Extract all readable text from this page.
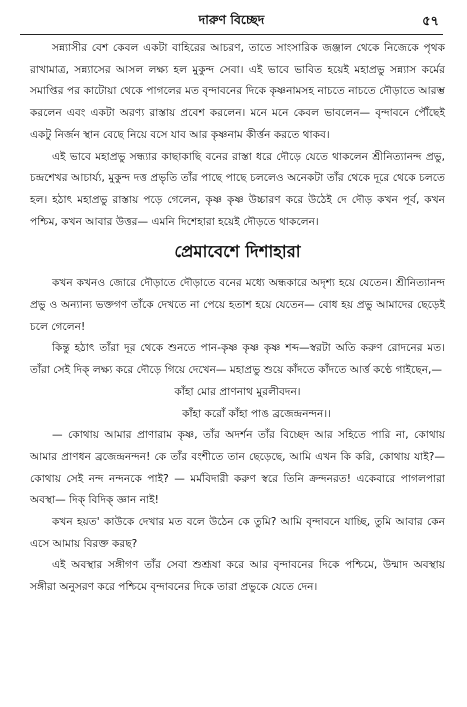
দারুণ বিচ্ছেদ	৫৭

সন্ন্যাসীর বেশ কেবল একটা বাহিরের আচরণ, তাতে সাংসারিক জঞ্জাল থেকে নিজেকে পৃথক রাখামাত্র, সন্ন্যাসের আসল লক্ষ্য হল মুকুন্দ সেবা। এই ভাবে ভাবিত হয়েই মহাপ্রভু সন্ন্যাস কর্মের সমাপ্তির পর কাটোয়া থেকে পাগলের মত বৃন্দাবনের দিকে কৃষ্ণনামসহ নাচতে নাচতে দৌড়াতে আরম্ভ করলেন এবং একটা অরণ্য রাস্তায় প্রবেশ করলেন। মনে মনে কেবল ভাবলেন— বৃন্দাবনে পৌঁছেই একটু নির্জন স্থান বেছে নিয়ে বসে যাব আর কৃষ্ণনাম কীর্ত্তন করতে থাকব।

এই ভাবে মহাপ্রভু সন্ধ্যার কাছাকাছি বনের রাস্তা ধরে দৌড়ে যেতে থাকলেন শ্রীনিত্যানন্দ প্রভু, চন্দ্রশেখর আচার্য্য, মুকুন্দ দত্ত প্রভৃতি তাঁর পাছে পাছে চললেও অনেকটা তাঁর থেকে দূরে থেকে চলতে হল। হঠাৎ মহাপ্রভু রাস্তায় পড়ে গেলেন, কৃষ্ণ কৃষ্ণ উচ্চারণ করে উঠেই দে দৌড় কখন পূর্ব, কখন পশ্চিম, কখন আবার উত্তর— এমনি দিশেহারা হয়েই দৌড়তে থাকলেন।

প্রেমাবেশে দিশাহারা

কখন কখনও জোরে দৌড়াতে দৌড়াতে বনের মধ্যে অন্ধকারে অদৃশ্য হয়ে যেতেন। শ্রীনিত্যানন্দ প্রভু ও অন্যান্য ভক্তগণ তাঁকে দেখতে না পেয়ে হতাশ হয়ে যেতেন— বোধ হয় প্রভু আমাদের ছেড়েই চলে গেলেন!

কিন্তু হঠাৎ তাঁরা দূর থেকে শুনতে পান-কৃষ্ণ কৃষ্ণ কৃষ্ণ শব্দ—স্বরটা অতি করুণ রোদনের মত। তাঁরা সেই দিক্ লক্ষ্য করে দৌড়ে গিয়ে দেখেন— মহাপ্রভু শুয়ে কাঁদতে কাঁদতে আর্ত্ত কণ্ঠে গাইছেন,—

কাঁহা মোর প্রাণনাথ মুরলীবদন।
কাঁহা করোঁ কাঁহা পাঙ ব্রজেন্দ্রনন্দন।।

— কোথায় আমার প্রাণারাম কৃষ্ণ, তাঁর অদর্শন তাঁর বিচ্ছেদ আর সহিতে পারি না, কোথায় আমার প্রাণধন ব্রজেন্দ্রনন্দন! কে তাঁর বংশীতে তান ছেড়েছে, আমি এখন কি করি, কোথায় যাই?— কোথায় সেই নন্দ নন্দনকে পাই? — মর্মবিদারী করুণ স্বরে তিনি ক্রন্দনরত! একেবারে পাগলপারা অবস্থা— দিক্ বিদিক্ জ্ঞান নাই!

কখন হয়ত' কাউকে দেখার মত বলে উঠেন কে তুমি? আমি বৃন্দাবনে যাচ্ছি, তুমি আবার কেন এসে আমায় বিরক্ত করছ?

এই অবস্থার সঙ্গীগণ তাঁর সেবা শুশ্রূষা করে আর বৃন্দাবনের দিকে পশ্চিমে, উন্মাদ অবস্থায় সঙ্গীরা অনুসরণ করে পশ্চিমে বৃন্দাবনের দিকে তারা প্রভুকে যেতে দেন।
